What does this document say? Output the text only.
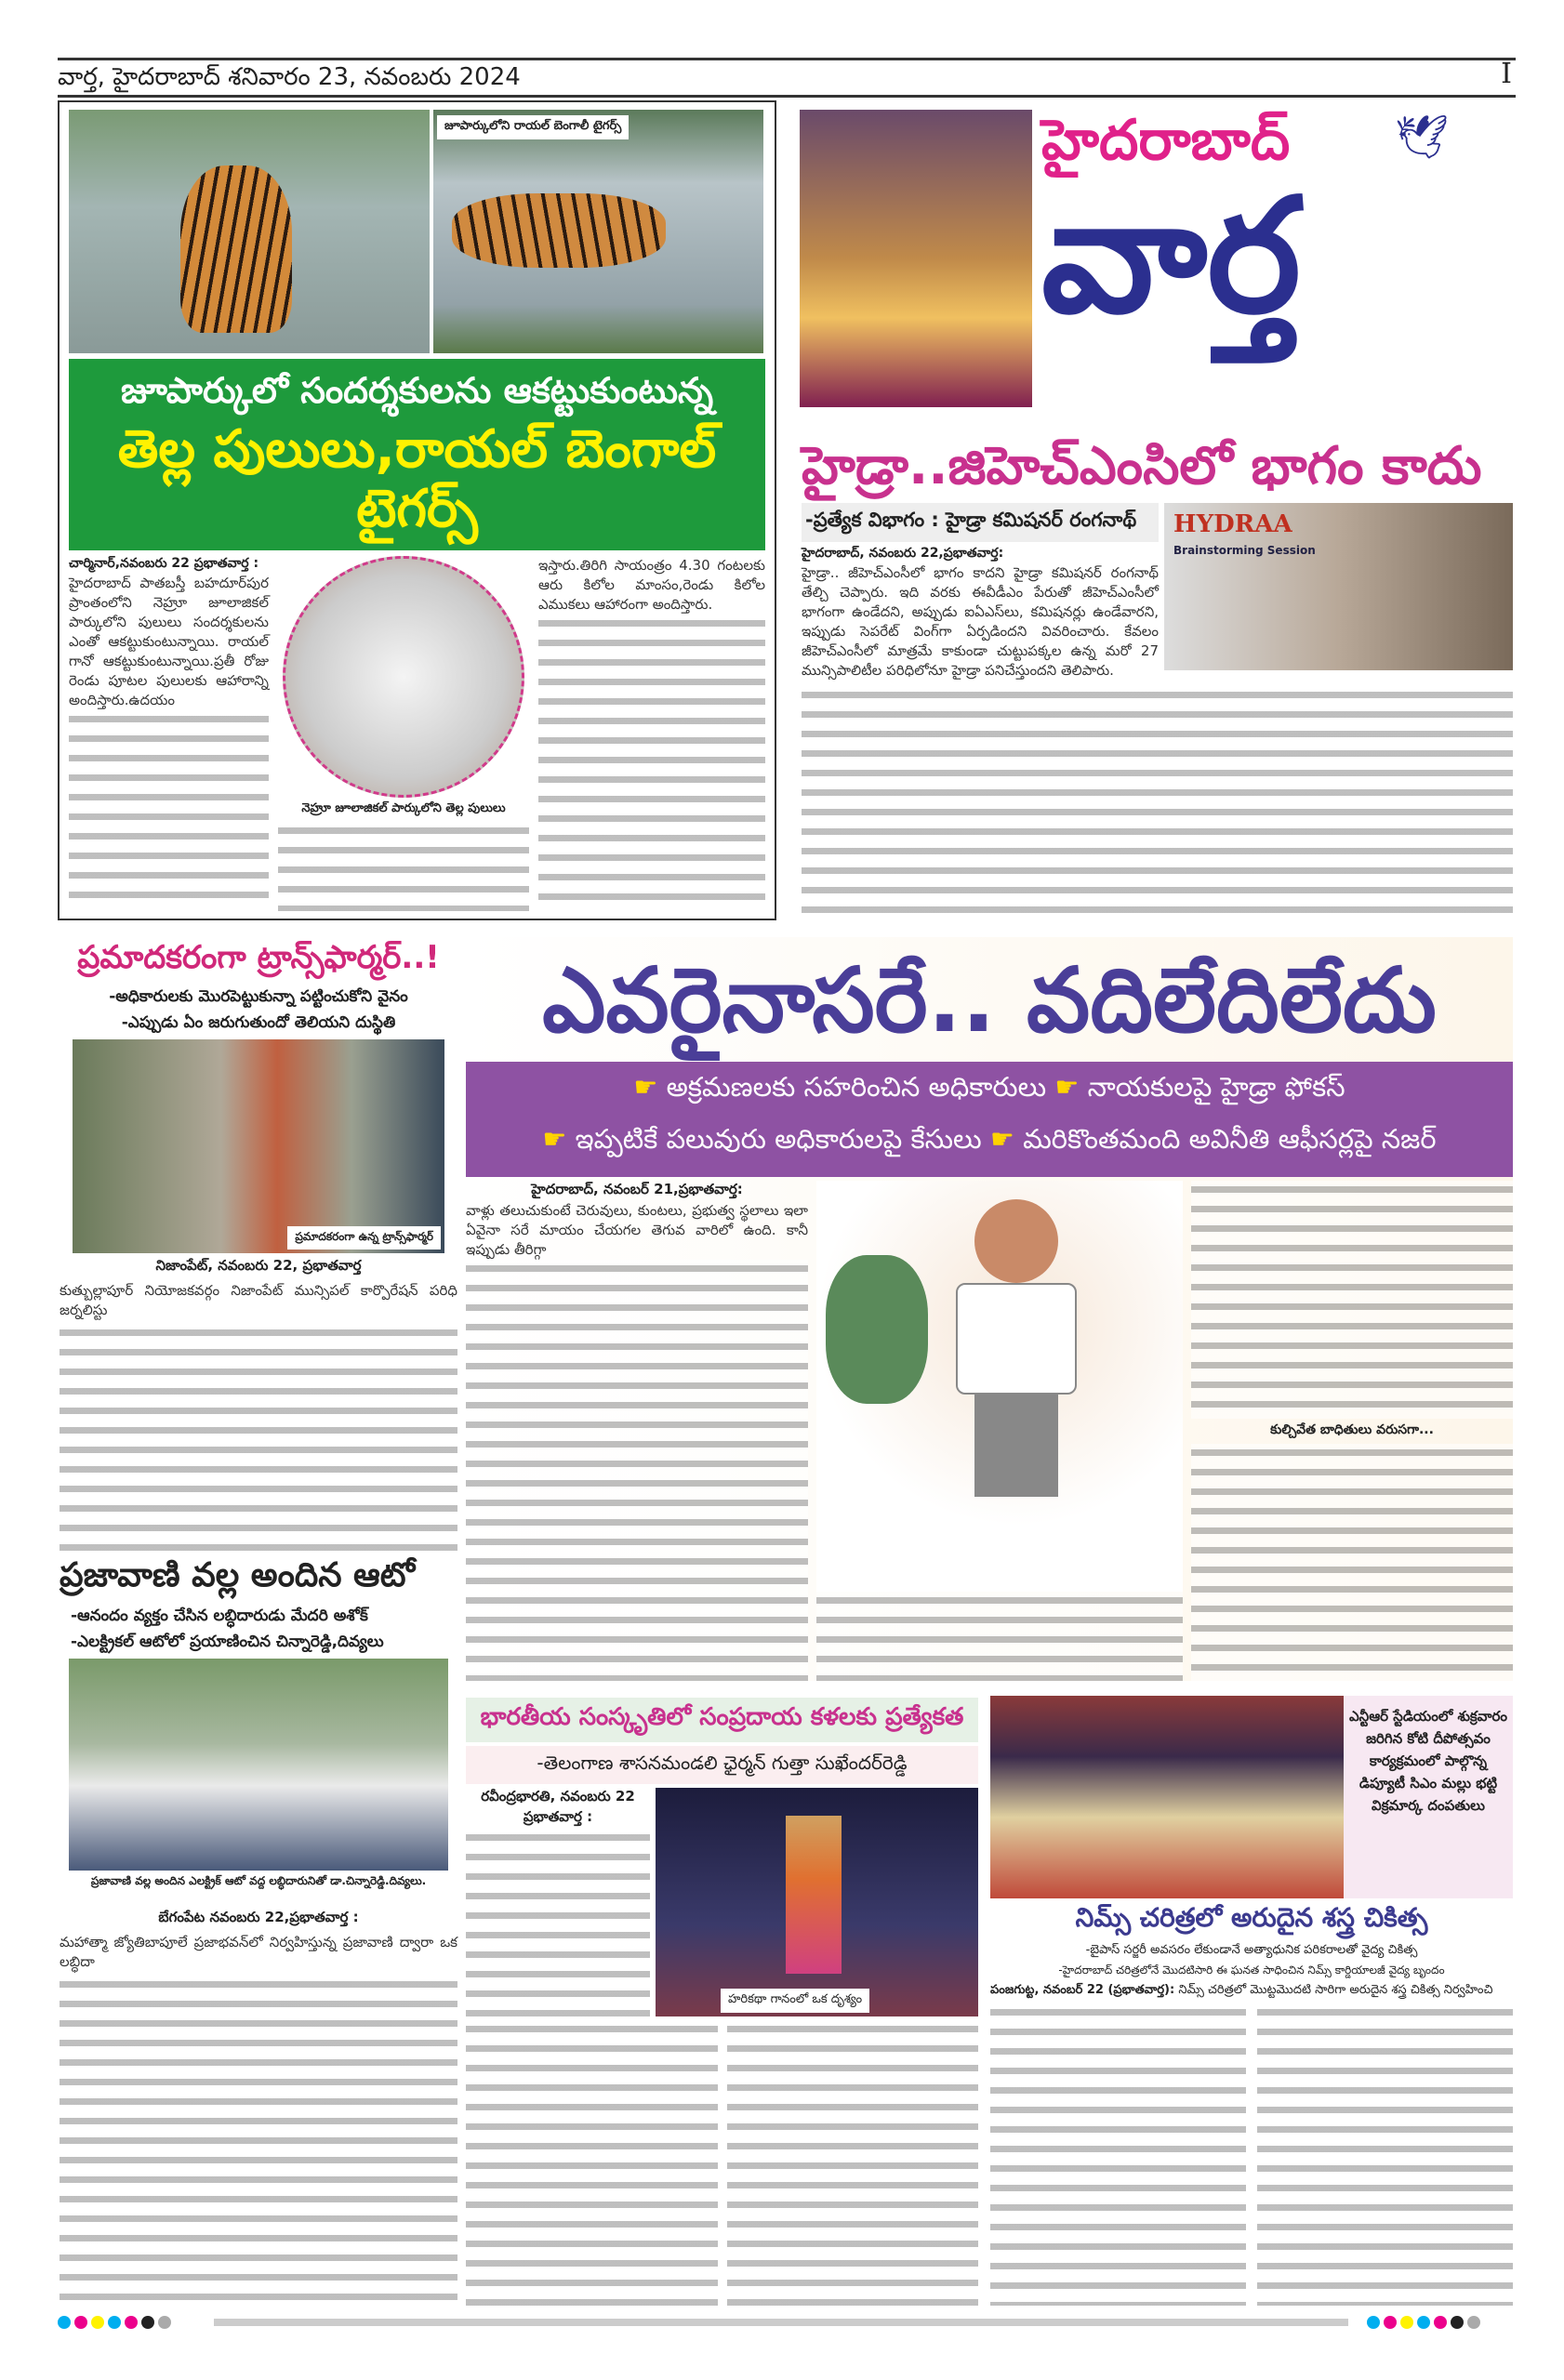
వార్త, హైదరాబాద్ శనివారం 23, నవంబరు 2024	I
జూపార్కులోని రాయల్ బెంగాలీ టైగర్స్
జూపార్కులో సందర్శకులను ఆకట్టుకుంటున్న
తెల్ల పులులు,రాయల్ బెంగాల్ టైగర్స్
చార్మినార్,నవంబరు 22 ప్రభాతవార్త :
హైదరాబాద్ పాతబస్తీ బహదూర్‌పుర ప్రాంతంలోని నెహ్రూ జూలాజికల్ పార్కులోని పులులు సందర్శకులను ఎంతో ఆకట్టుకుంటున్నాయి. రాయల్ గానో ఆకట్టుకుంటున్నాయి.ప్రతీ రోజు రెండు పూటల పులులకు ఆహారాన్ని అందిస్తారు.ఉదయం
నెహ్రూ జూలాజికల్ పార్కులోని తెల్ల పులులు
ఇస్తారు.తిరిగి సాయంత్రం 4.30 గంటలకు ఆరు కిలోల మాంసం,రెండు కిలోల ఎముకలు ఆహారంగా అందిస్తారు.
హైదరాబాద్
వార్త
🕊
హైడ్రా..జిహెచ్ఎంసిలో భాగం కాదు
-ప్రత్యేక విభాగం : హైడ్రా కమిషనర్ రంగనాథ్
హైదరాబాద్, నవంబరు 22,ప్రభాతవార్త:
హైడ్రా.. జీహెచ్ఎంసీలో భాగం కాదని హైడ్రా కమిషనర్ రంగనాథ్ తేల్చి చెప్పారు. ఇది వరకు ఈవీడీఎం పేరుతో జీహెచ్ఎంసీలో భాగంగా ఉండేదని, అప్పుడు ఐఏఎస్‌లు, కమిషనర్లు ఉండేవారని, ఇప్పుడు సెపరేట్ వింగ్‌గా ఏర్పడిందని వివరించారు. కేవలం జీహెచ్ఎంసీలో మాత్రమే కాకుండా చుట్టుపక్కల ఉన్న మరో 27 మున్సిపాలిటీల పరిధిలోనూ హైడ్రా పనిచేస్తుందని తెలిపారు.
HYDRAA
Brainstorming Session
ప్రమాదకరంగా ట్రాన్స్‌ఫార్మర్..!
-అధికారులకు మొరపెట్టుకున్నా పట్టించుకోని వైనం
-ఎప్పుడు ఏం జరుగుతుందో తెలియని దుస్థితి
ప్రమాదకరంగా ఉన్న ట్రాన్స్‌ఫార్మర్
నిజాంపేట్, నవంబరు 22, ప్రభాతవార్త
కుత్బుల్లాపూర్ నియోజకవర్గం నిజాంపేట్ మున్సిపల్ కార్పొరేషన్ పరిధి జర్నలిస్టు
ప్రజావాణి వల్ల అందిన ఆటో
-ఆనందం వ్యక్తం చేసిన లబ్ధిదారుడు మేదరి అశోక్
-ఎలక్ట్రికల్ ఆటోలో ప్రయాణించిన చిన్నారెడ్డి,దివ్యలు
ప్రజావాణి వల్ల అందిన ఎలక్ట్రిక్ ఆటో వద్ద లబ్ధిదారునితో డా.చిన్నారెడ్డి.దివ్యలు.
బేగంపేట నవంబరు 22,ప్రభాతవార్త :
మహాత్మా జ్యోతిబాపూలే ప్రజాభవన్‌లో నిర్వహిస్తున్న ప్రజావాణి ద్వారా ఒక లబ్ధిదా
ఎవరైనాసరే.. వదిలేదిలేదు
☛ అక్రమణలకు సహరించిన అధికారులు ☛ నాయకులపై హైడ్రా ఫోకస్
☛ ఇప్పటికే పలువురు అధికారులపై కేసులు ☛ మరికొంతమంది అవినీతి ఆఫీసర్లపై నజర్
హైదరాబాద్, నవంబర్ 21,ప్రభాతవార్త:
వాళ్లు తలుచుకుంటే చెరువులు, కుంటలు, ప్రభుత్వ స్థలాలు ఇలా ఏవైనా సరే మాయం చేయగల తెగువ వారిలో ఉంది. కానీ ఇప్పుడు తీరిగ్గా
కుల్చివేత బాధితులు వరుసగా...
భారతీయ సంస్కృతిలో సంప్రదాయ కళలకు ప్రత్యేకత
-తెలంగాణ శాసనమండలి ఛైర్మన్ గుత్తా సుఖేందర్‌రెడ్డి
రవీంద్రభారతి, నవంబరు 22 ప్రభాతవార్త :
హరికథా గానంలో ఒక దృశ్యం
ఎన్టీఆర్ స్టేడియంలో శుక్రవారం జరిగిన కోటి దీపోత్సవం కార్యక్రమంలో పాల్గొన్న డిప్యూటీ సిఎం మల్లు భట్టి విక్రమార్క దంపతులు
నిమ్స్ చరిత్రలో అరుదైన శస్త్ర చికిత్స
-బైపాస్ సర్జరీ అవసరం లేకుండానే అత్యాధునిక పరికరాలతో వైద్య చికిత్స
-హైదరాబాద్ చరిత్రలోనే మొదటిసారి ఈ ఘనత సాధించిన నిమ్స్ కార్డియాలజీ వైద్య బృందం
పంజగుట్ట, నవంబర్ 22 (ప్రభాతవార్త): నిమ్స్ చరిత్రలో మొట్టమొదటి సారిగా అరుదైన శస్త్ర చికిత్స నిర్వహించి
